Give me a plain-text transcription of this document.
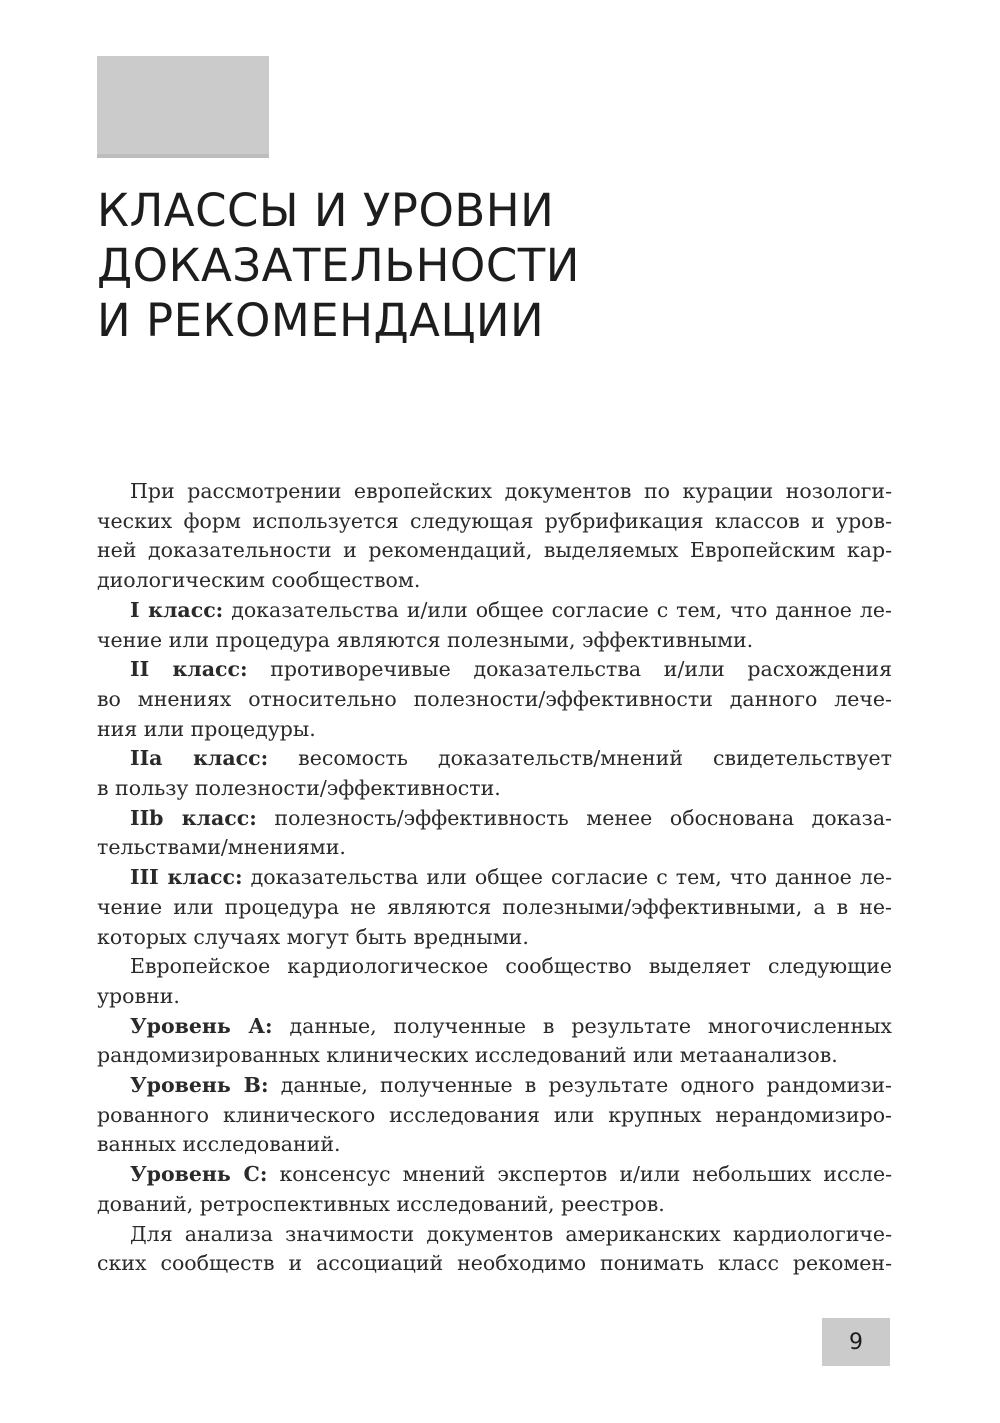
КЛАССЫ И УРОВНИ
ДОКАЗАТЕЛЬНОСТИ
И РЕКОМЕНДАЦИИ
При рассмотрении европейских документов по курации нозологи-
ческих форм используется следующая рубрификация классов и уров-
ней доказательности и рекомендаций, выделяемых Европейским кар-
диологическим сообществом.
I класс: доказательства и/или общее согласие с тем, что данное ле-
чение или процедура являются полезными, эффективными.
II класс: противоречивые доказательства и/или расхождения
во мнениях относительно полезности/эффективности данного лече-
ния или процедуры.
IIa класс: весомость доказательств/мнений свидетельствует
в пользу полезности/эффективности.
IIb класс: полезность/эффективность менее обоснована доказа-
тельствами/мнениями.
III класс: доказательства или общее согласие с тем, что данное ле-
чение или процедура не являются полезными/эффективными, а в не-
которых случаях могут быть вредными.
Европейское кардиологическое сообщество выделяет следующие
уровни.
Уровень А: данные, полученные в результате многочисленных
рандомизированных клинических исследований или метаанализов.
Уровень B: данные, полученные в результате одного рандомизи-
рованного клинического исследования или крупных нерандомизиро-
ванных исследований.
Уровень С: консенсус мнений экспертов и/или небольших иссле-
дований, ретроспективных исследований, реестров.
Для анализа значимости документов американских кардиологиче-
ских сообществ и ассоциаций необходимо понимать класс рекомен-
9
